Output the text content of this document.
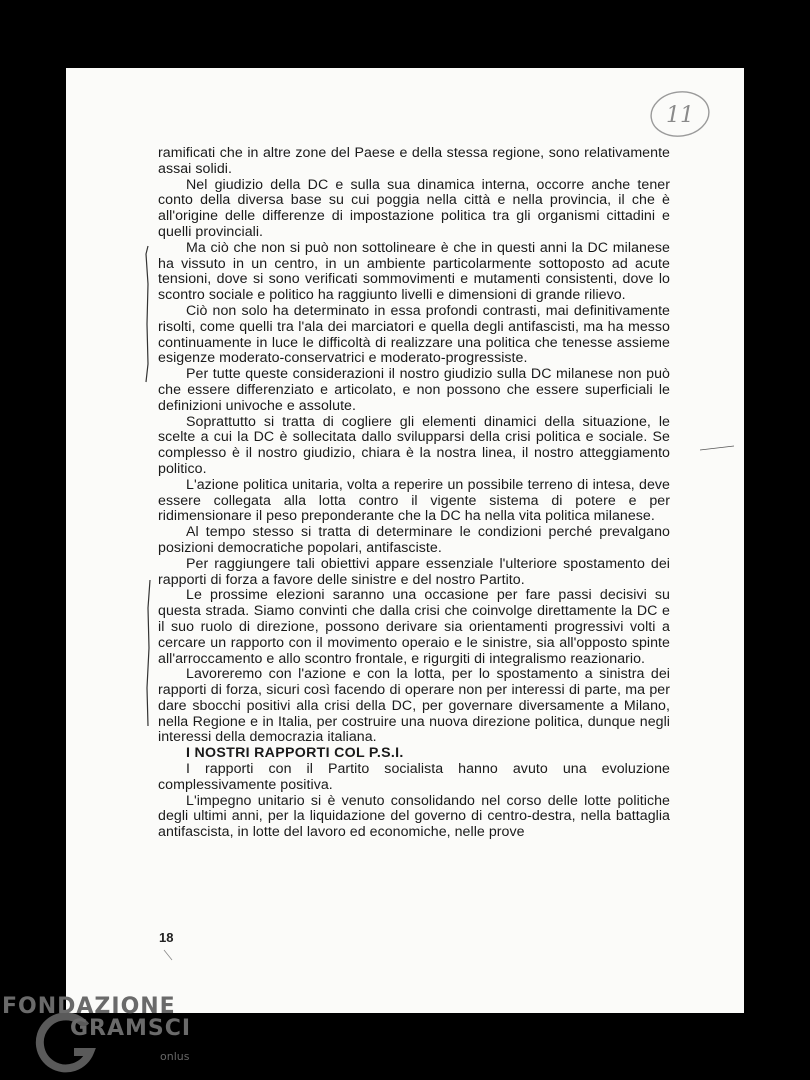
11

ramificati che in altre zone del Paese e della stessa regione, sono relativamente assai solidi.

Nel giudizio della DC e sulla sua dinamica interna, occorre anche tener conto della diversa base su cui poggia nella città e nella provincia, il che è all'origine delle differenze di impostazione politica tra gli organismi cittadini e quelli provinciali.

Ma ciò che non si può non sottolineare è che in questi anni la DC milanese ha vissuto in un centro, in un ambiente particolarmente sottoposto ad acute tensioni, dove si sono verificati sommovimenti e mutamenti consistenti, dove lo scontro sociale e politico ha raggiunto livelli e dimensioni di grande rilievo.

Ciò non solo ha determinato in essa profondi contrasti, mai definitivamente risolti, come quelli tra l'ala dei marciatori e quella degli antifascisti, ma ha messo continuamente in luce le difficoltà di realizzare una politica che tenesse assieme esigenze moderato-conservatrici e moderato-progressiste.

Per tutte queste considerazioni il nostro giudizio sulla DC milanese non può che essere differenziato e articolato, e non possono che essere superficiali le definizioni univoche e assolute.

Soprattutto si tratta di cogliere gli elementi dinamici della situazione, le scelte a cui la DC è sollecitata dallo svilupparsi della crisi politica e sociale. Se complesso è il nostro giudizio, chiara è la nostra linea, il nostro atteggiamento politico.

L'azione politica unitaria, volta a reperire un possibile terreno di intesa, deve essere collegata alla lotta contro il vigente sistema di potere e per ridimensionare il peso preponderante che la DC ha nella vita politica milanese.

Al tempo stesso si tratta di determinare le condizioni perché prevalgano posizioni democratiche popolari, antifasciste.

Per raggiungere tali obiettivi appare essenziale l'ulteriore spostamento dei rapporti di forza a favore delle sinistre e del nostro Partito.

Le prossime elezioni saranno una occasione per fare passi decisivi su questa strada. Siamo convinti che dalla crisi che coinvolge direttamente la DC e il suo ruolo di direzione, possono derivare sia orientamenti progressivi volti a cercare un rapporto con il movimento operaio e le sinistre, sia all'opposto spinte all'arroccamento e allo scontro frontale, e rigurgiti di integralismo reazionario.

Lavoreremo con l'azione e con la lotta, per lo spostamento a sinistra dei rapporti di forza, sicuri così facendo di operare non per interessi di parte, ma per dare sbocchi positivi alla crisi della DC, per governare diversamente a Milano, nella Regione e in Italia, per costruire una nuova direzione politica, dunque negli interessi della democrazia italiana.

I NOSTRI RAPPORTI COL P.S.I.

I rapporti con il Partito socialista hanno avuto una evoluzione complessivamente positiva.

L'impegno unitario si è venuto consolidando nel corso delle lotte politiche degli ultimi anni, per la liquidazione del governo di centro-destra, nella battaglia antifascista, in lotte del lavoro ed economiche, nelle prove

18
FONDAZIONE
GRAMSCI
onlus
